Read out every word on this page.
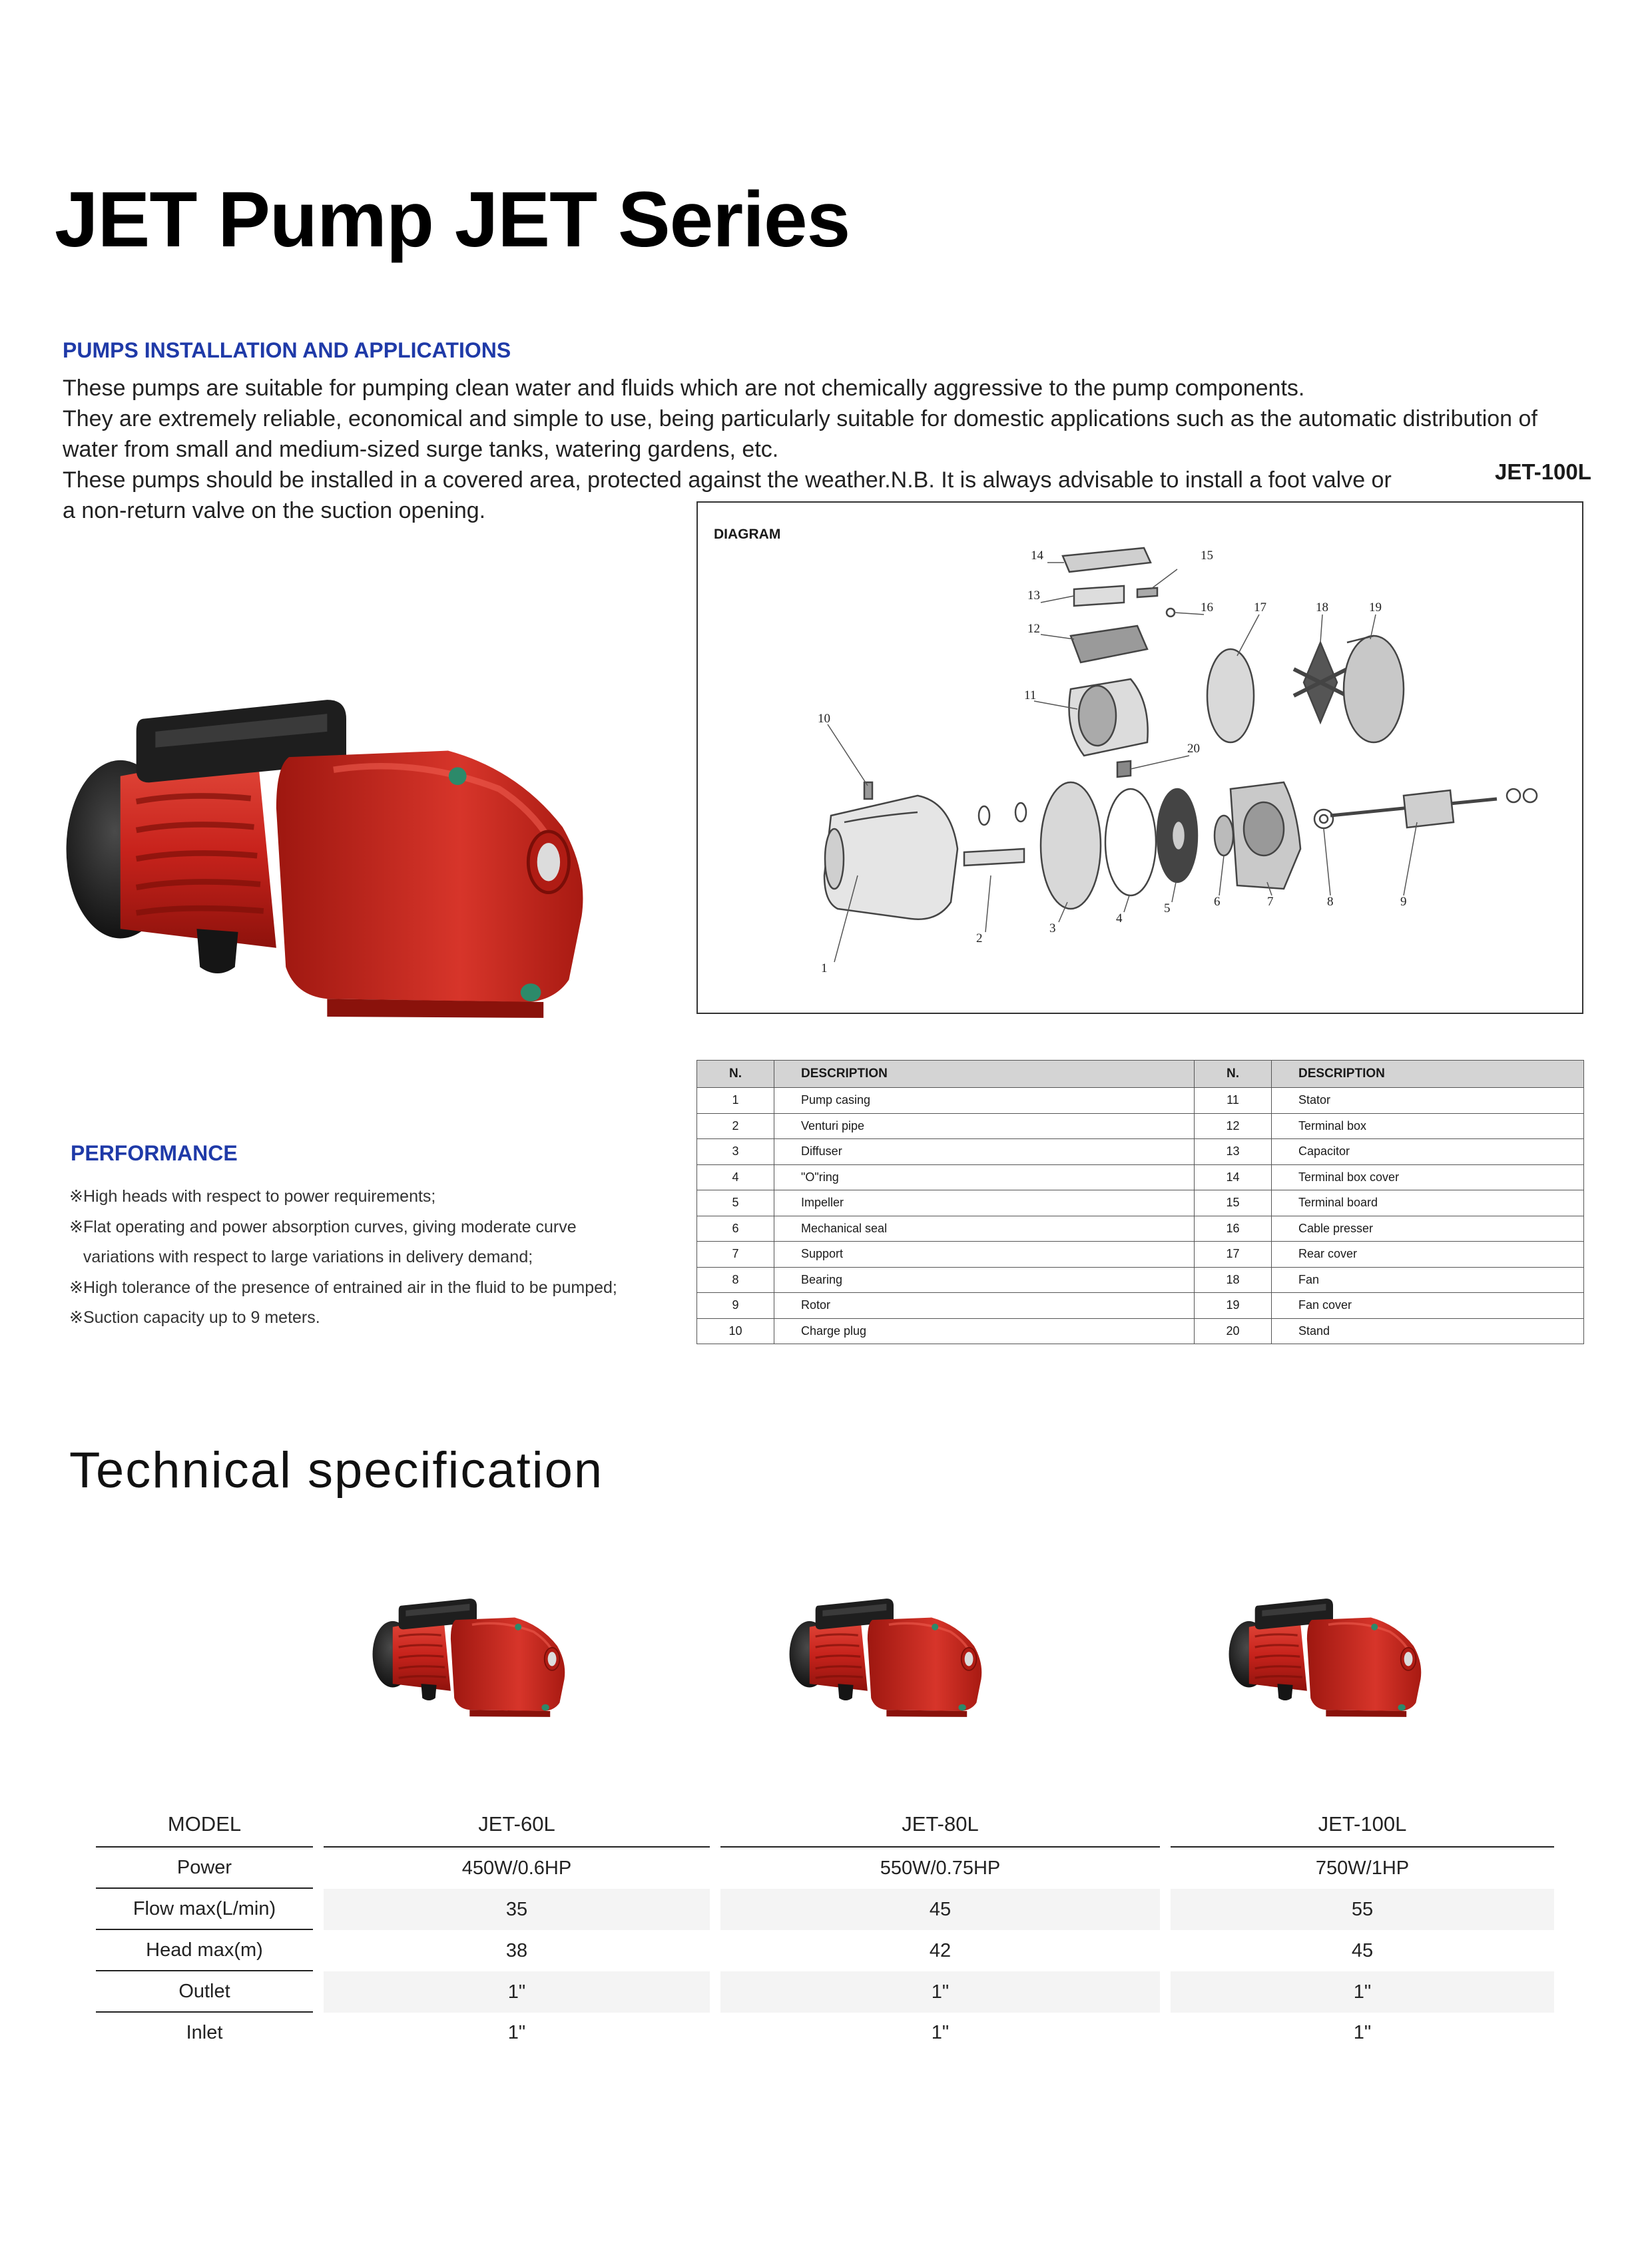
JET Pump JET Series
PUMPS INSTALLATION AND APPLICATIONS

These pumps are suitable for pumping clean water and fluids which are not chemically aggressive to the pump components.

They are extremely reliable, economical and simple to use, being particularly suitable for domestic applications such as the automatic distribution of water from small and medium-sized surge tanks, watering gardens, etc.

These pumps should be installed in a covered area, protected against the weather.N.B. It is always advisable to install a foot valve or a non-return valve on the suction opening.

JET-100L
DIAGRAM
1
2
3
4
5	6	7	8	9
10
11
12
13
14	15
16	17	18	19
20
N.	DESCRIPTION	N.	DESCRIPTION
1	Pump casing	11	Stator
2	Venturi pipe	12	Terminal box
3	Diffuser	13	Capacitor
4	"O"ring	14	Terminal box cover
5	Impeller	15	Terminal board
6	Mechanical seal	16	Cable presser
7	Support	17	Rear cover
8	Bearing	18	Fan
9	Rotor	19	Fan cover
10	Charge plug	20	Stand
PERFORMANCE
※High heads with respect to power requirements;
※Flat operating and power absorption curves, giving moderate curve
variations with respect to large variations in delivery demand;
※High tolerance of the presence of entrained air in the fluid to be pumped;
※Suction capacity up to 9 meters.
Technical specification
MODEL		JET-60L		JET-80L		JET-100L
Power		450W/0.6HP		550W/0.75HP		750W/1HP
Flow max(L/min)		35		45		55
Head max(m)		38		42		45
Outlet		1"		1"		1"
Inlet		1"		1"		1"
